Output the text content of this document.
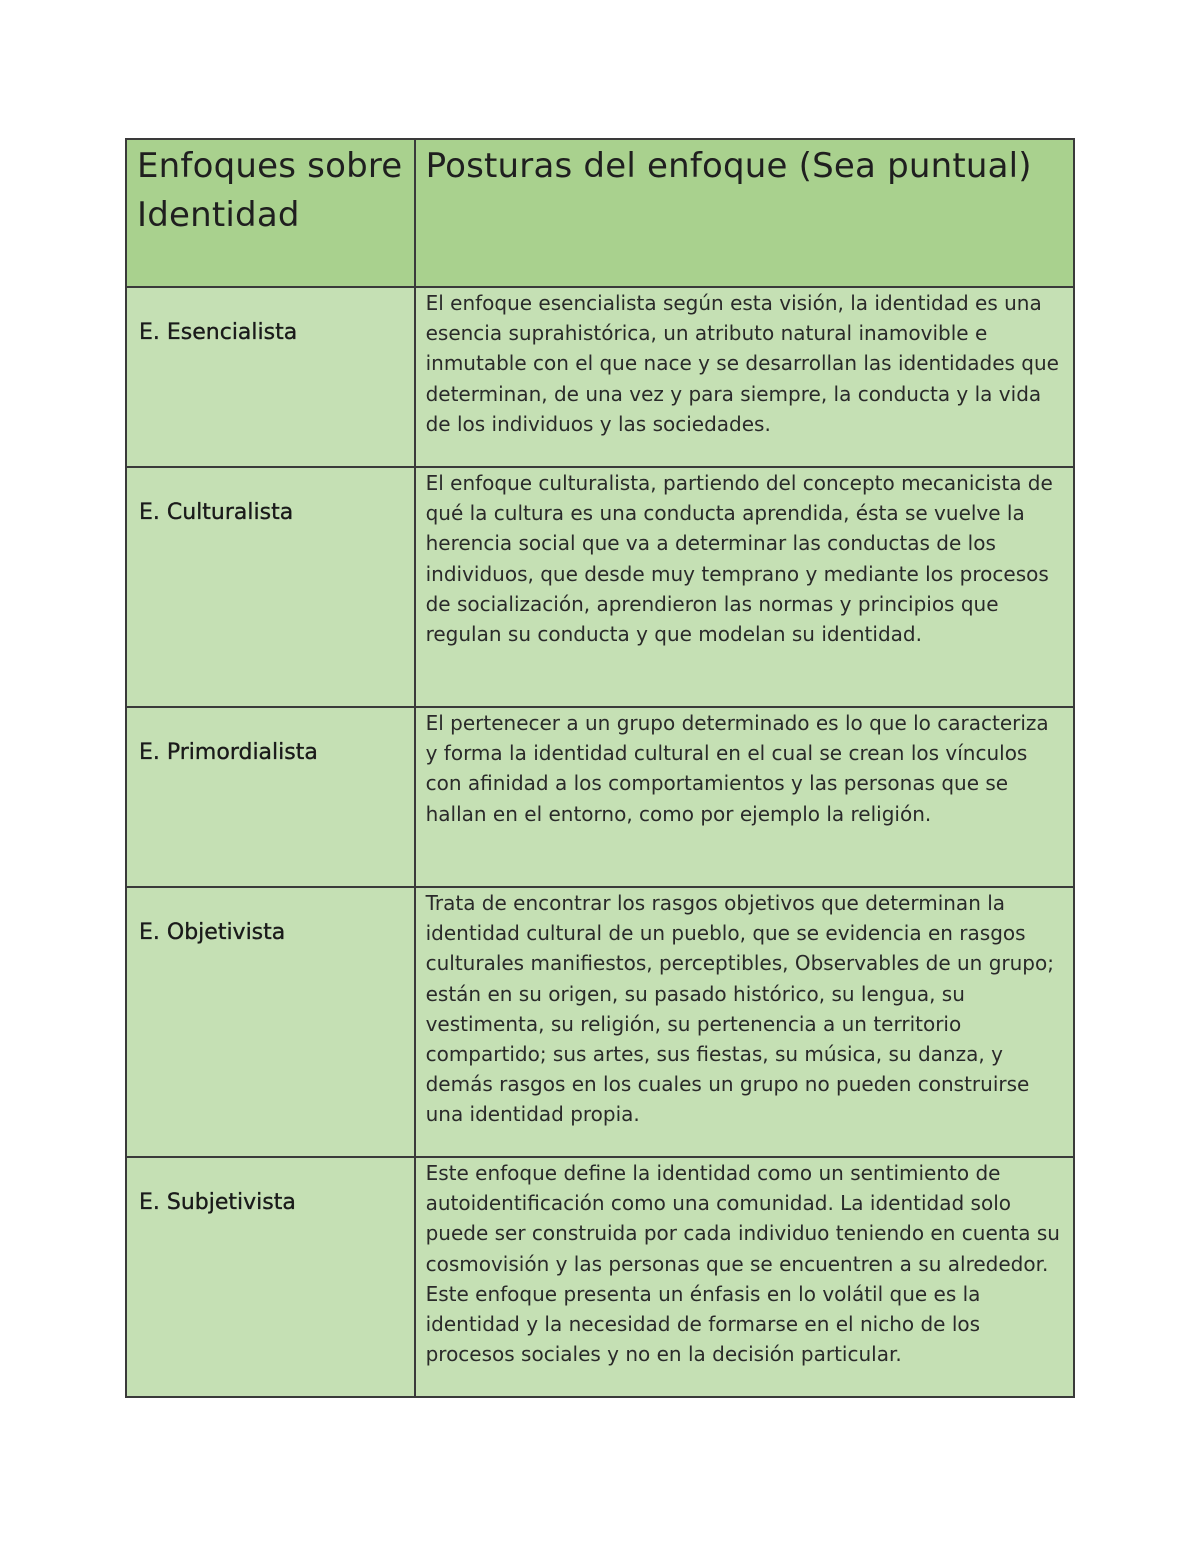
Enfoques sobre Identidad	Posturas del enfoque (Sea puntual)
E. Esencialista	El enfoque esencialista según esta visión, la identidad es una esencia suprahistórica, un atributo natural inamovible e inmutable con el que nace y se desarrollan las identidades que determinan, de una vez y para siempre, la conducta y la vida de los individuos y las sociedades.
E. Culturalista	El enfoque culturalista, partiendo del concepto mecanicista de qué la cultura es una conducta aprendida, ésta se vuelve la herencia social que va a determinar las conductas de los individuos, que desde muy temprano y mediante los procesos de socialización, aprendieron las normas y principios que regulan su conducta y que modelan su identidad.
E. Primordialista	El pertenecer a un grupo determinado es lo que lo caracteriza y forma la identidad cultural en el cual se crean los vínculos con afinidad a los comportamientos y las personas que se hallan en el entorno, como por ejemplo la religión.
E. Objetivista	Trata de encontrar los rasgos objetivos que determinan la identidad cultural de un pueblo, que se evidencia en rasgos culturales manifiestos, perceptibles, Observables de un grupo; están en su origen, su pasado histórico, su lengua, su vestimenta, su religión, su pertenencia a un territorio compartido; sus artes, sus fiestas, su música, su danza, y demás rasgos en los cuales un grupo no pueden construirse una identidad propia.
E. Subjetivista	Este enfoque define la identidad como un sentimiento de autoidentificación como una comunidad. La identidad solo puede ser construida por cada individuo teniendo en cuenta su cosmovisión y las personas que se encuentren a su alrededor. Este enfoque presenta un énfasis en lo volátil que es la identidad y la necesidad de formarse en el nicho de los procesos sociales y no en la decisión particular.
